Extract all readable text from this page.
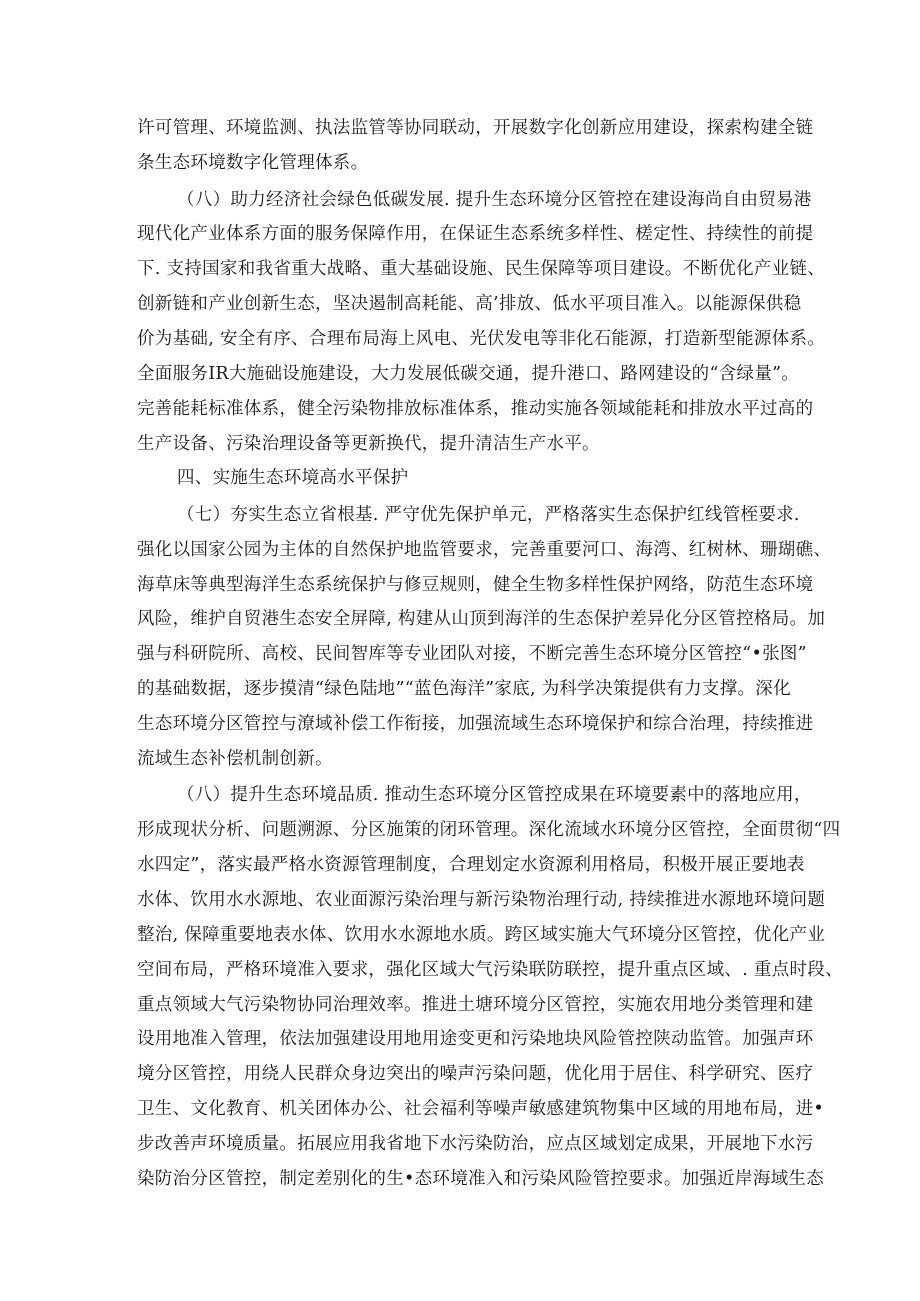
许可管理、环境监测、执法监管等协同联动，开展数字化创新应用建设，探索构建全链
条生态环境数字化管理体系。
（八）助力经济社会绿色低碳发展. 提升生态环境分区管控在建设海尚自由贸易港
现代化产业体系方面的服务保障作用，在保证生态系统多样性、槎定性、持续性的前提
下. 支持国家和我省重大战略、重大基础设施、民生保障等项目建设。不断优化产业链、
创新链和产业创新生态，坚决遏制高耗能、高’排放、低水平项目准入。以能源保供稳
价为基础, 安全有序、合理布局海上风电、光伏发电等非化石能源，打造新型能源体系。
全面服务IR大施础设施建设，大力发展低碳交通，提升港口、路网建设的“含绿量”。
完善能耗标准体系，健全污染物排放标准体系，推动实施各领域能耗和排放水平过高的
生产设备、污染治理设备等更新换代，提升清洁生产水平。
四、实施生态环境高水平保护
（七）夯实生态立省根基. 严守优先保护单元，严格落实生态保护红线管桎要求.
强化以国家公园为主体的自然保护地监管要求，完善重要河口、海湾、红树林、珊瑚礁、
海草床等典型海洋生态系统保护与修豆规则，健全生物多样性保护网络，防范生态环境
风险，维护自贸港生态安全屏障, 构建从山顶到海洋的生态保护差异化分区管控格局。加
强与科研院所、高校、民间智库等专业团队对接，不断完善生态环境分区管控“•张图”
的基础数据，逐步摸清“绿色陆地”“蓝色海洋”家底, 为科学决策提供有力支撑。深化
生态环境分区管控与潦域补偿工作衔接，加强流域生态环境保护和综合治理，持续推进
流域生态补偿机制创新。
（八）提升生态环境品质. 推动生态环境分区管控成果在环境要素中的落地应用，
形成现状分析、问题溯源、分区施策的闭环管理。深化流域水环境分区管控，全面贯彻“四
水四定”，落实最严格水资源管理制度，合理划定水资源利用格局，积极开展正要地表
水体、饮用水水源地、农业面源污染治理与新污染物治理行动, 持续推进水源地环境问题
整治, 保障重要地表水体、饮用水水源地水质。跨区域实施大气环境分区管控，优化产业
空间布局，严格环境准入要求，强化区域大气污染联防联控，提升重点区域、. 重点时段、
重点领域大气污染物协同治理效率。推进土塘环境分区管控，实施农用地分类管理和建
设用地准入管理，依法加强建设用地用途变更和污染地块风险管控陕动监管。加强声环
境分区管控，用绕人民群众身边突出的噪声污染问题，优化用于居住、科学研究、医疗
卫生、文化教育、机关团体办公、社会福利等噪声敏感建筑物集中区域的用地布局，进•
步改善声环境质量。拓展应用我省地下水污染防治，应点区域划定成果，开展地下水污
染防治分区管控，制定差别化的生•态环境准入和污染风险管控要求。加强近岸海域生态
